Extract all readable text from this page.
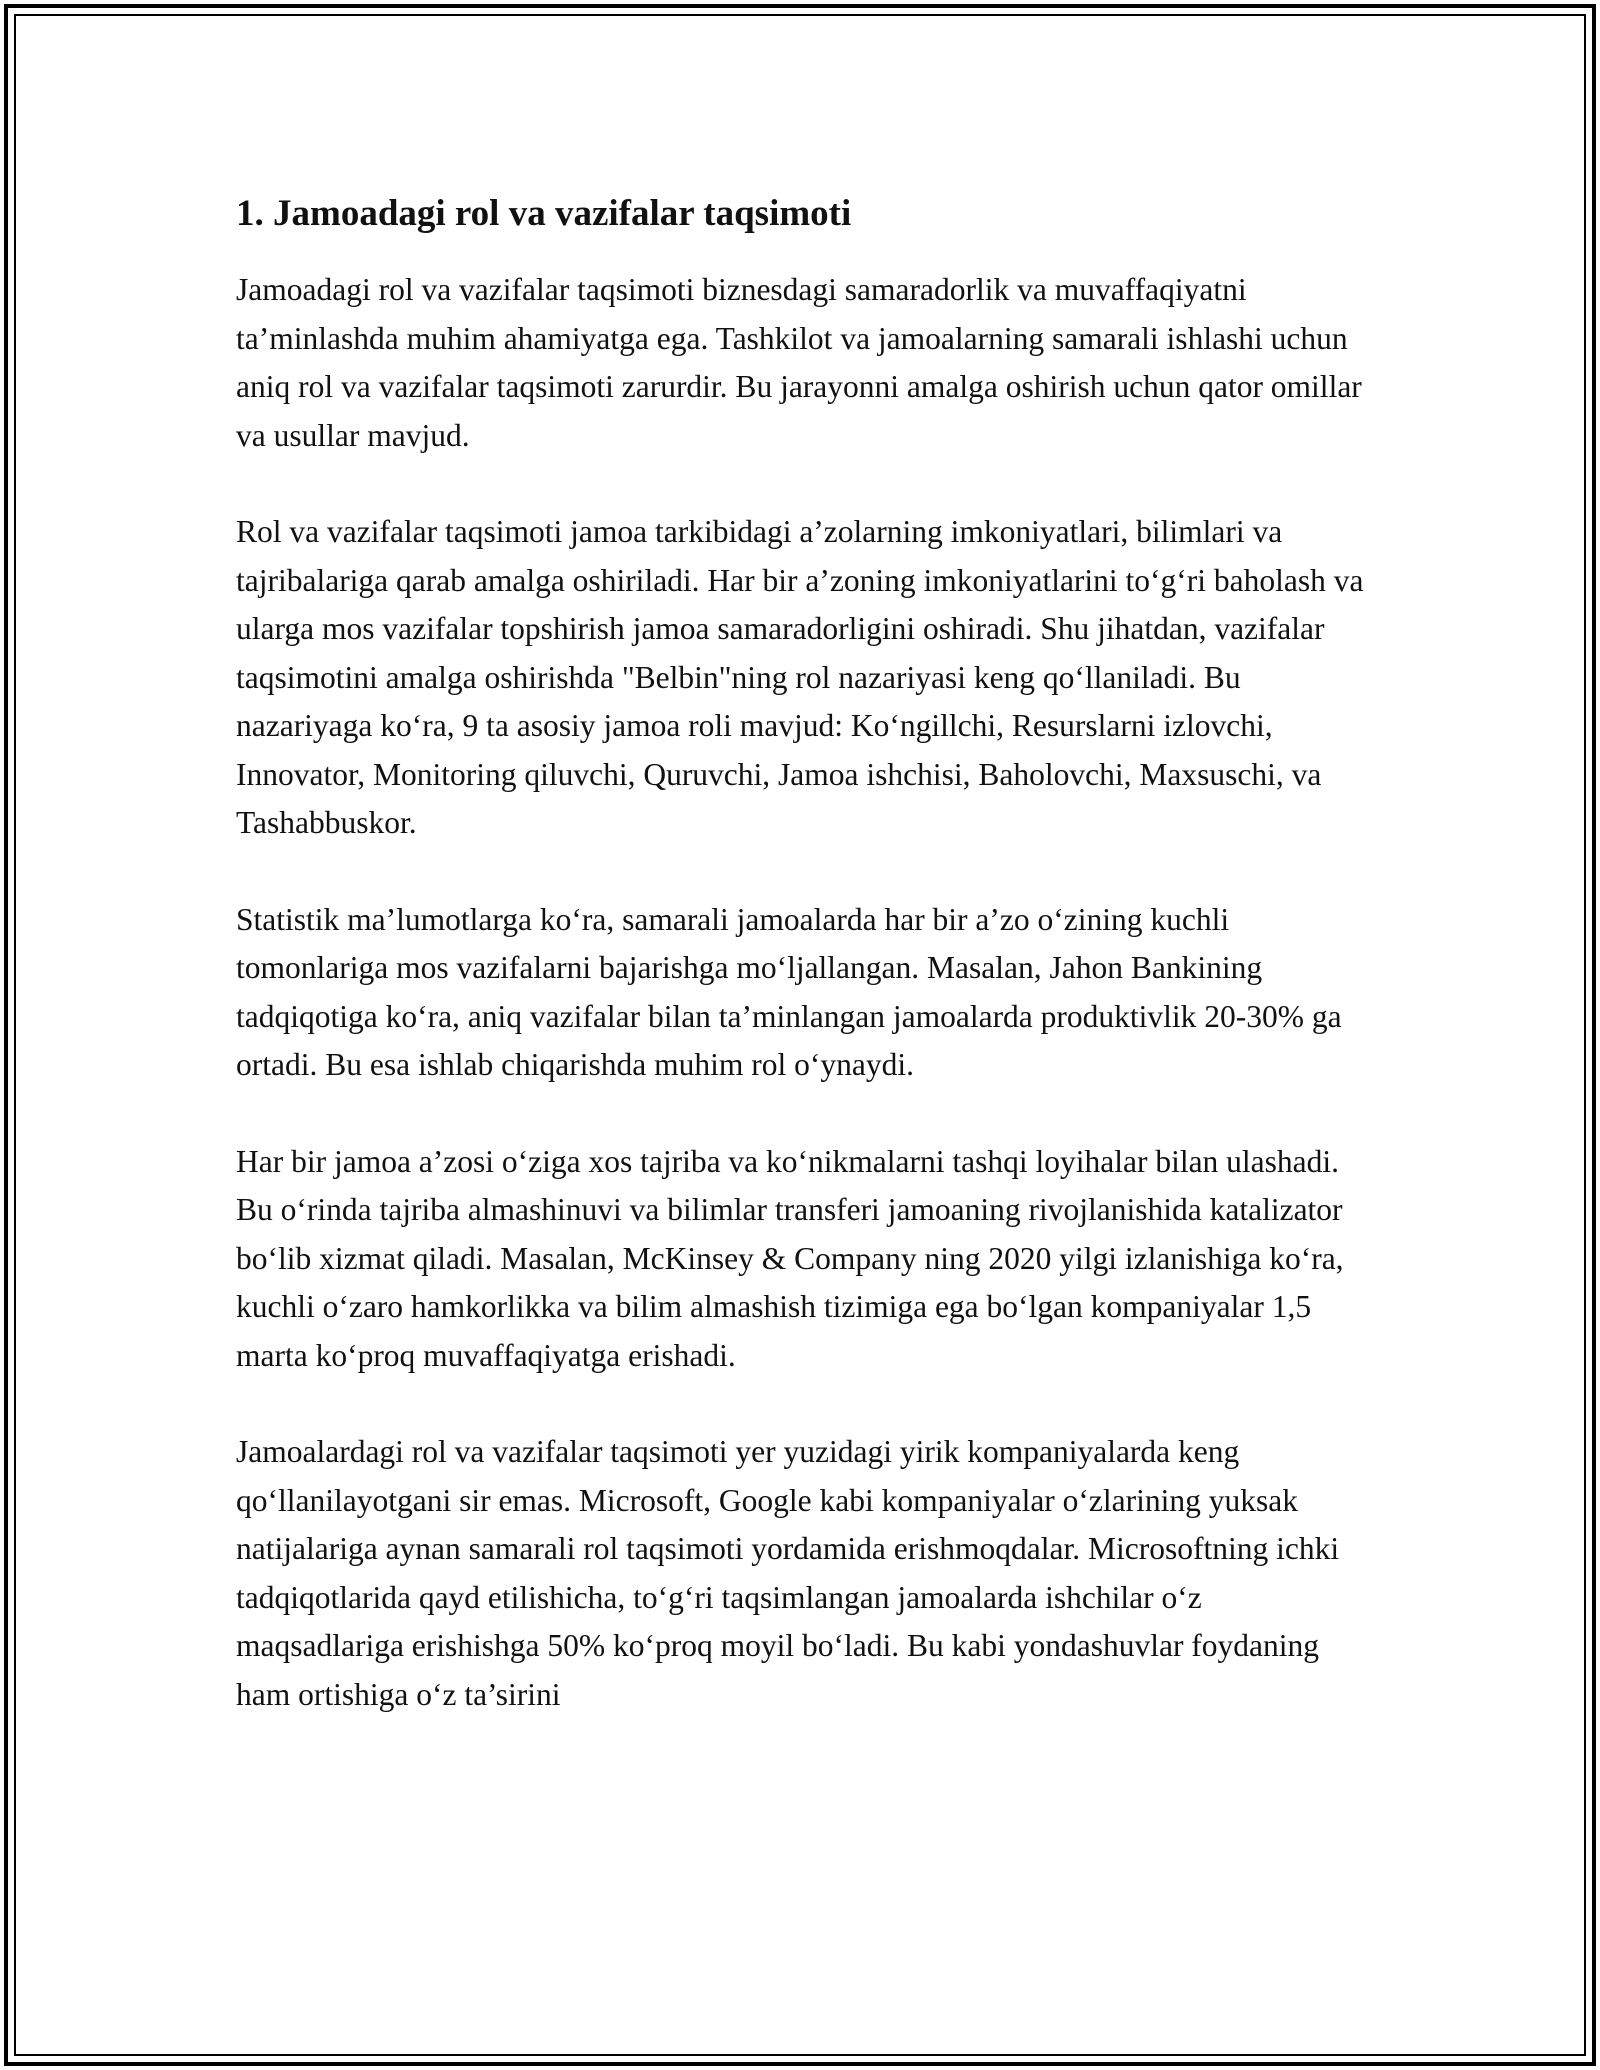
1. Jamoadagi rol va vazifalar taqsimoti

Jamoadagi rol va vazifalar taqsimoti biznesdagi samaradorlik va muvaffaqiyatni ta’minlashda muhim ahamiyatga ega. Tashkilot va jamoalarning samarali ishlashi uchun aniq rol va vazifalar taqsimoti zarurdir. Bu jarayonni amalga oshirish uchun qator omillar va usullar mavjud.

Rol va vazifalar taqsimoti jamoa tarkibidagi a’zolarning imkoniyatlari, bilimlari va tajribalariga qarab amalga oshiriladi. Har bir a’zoning imkoniyatlarini to‘g‘ri baholash va ularga mos vazifalar topshirish jamoa samaradorligini oshiradi. Shu jihatdan, vazifalar taqsimotini amalga oshirishda "Belbin"ning rol nazariyasi keng qo‘llaniladi. Bu nazariyaga ko‘ra, 9 ta asosiy jamoa roli mavjud: Ko‘ngillchi, Resurslarni izlovchi, Innovator, Monitoring qiluvchi, Quruvchi, Jamoa ishchisi, Baholovchi, Maxsuschi, va Tashabbuskor.

Statistik ma’lumotlarga ko‘ra, samarali jamoalarda har bir a’zo o‘zining kuchli tomonlariga mos vazifalarni bajarishga mo‘ljallangan. Masalan, Jahon Bankining tadqiqotiga ko‘ra, aniq vazifalar bilan ta’minlangan jamoalarda produktivlik 20-30% ga ortadi. Bu esa ishlab chiqarishda muhim rol o‘ynaydi.

Har bir jamoa a’zosi o‘ziga xos tajriba va ko‘nikmalarni tashqi loyihalar bilan ulashadi. Bu o‘rinda tajriba almashinuvi va bilimlar transferi jamoaning rivojlanishida katalizator bo‘lib xizmat qiladi. Masalan, McKinsey & Company ning 2020 yilgi izlanishiga ko‘ra, kuchli o‘zaro hamkorlikka va bilim almashish tizimiga ega bo‘lgan kompaniyalar 1,5 marta ko‘proq muvaffaqiyatga erishadi.

Jamoalardagi rol va vazifalar taqsimoti yer yuzidagi yirik kompaniyalarda keng qo‘llanilayotgani sir emas. Microsoft, Google kabi kompaniyalar o‘zlarining yuksak natijalariga aynan samarali rol taqsimoti yordamida erishmoqdalar. Microsoftning ichki tadqiqotlarida qayd etilishicha, to‘g‘ri taqsimlangan jamoalarda ishchilar o‘z maqsadlariga erishishga 50% ko‘proq moyil bo‘ladi. Bu kabi yondashuvlar foydaning ham ortishiga o‘z ta’sirini
